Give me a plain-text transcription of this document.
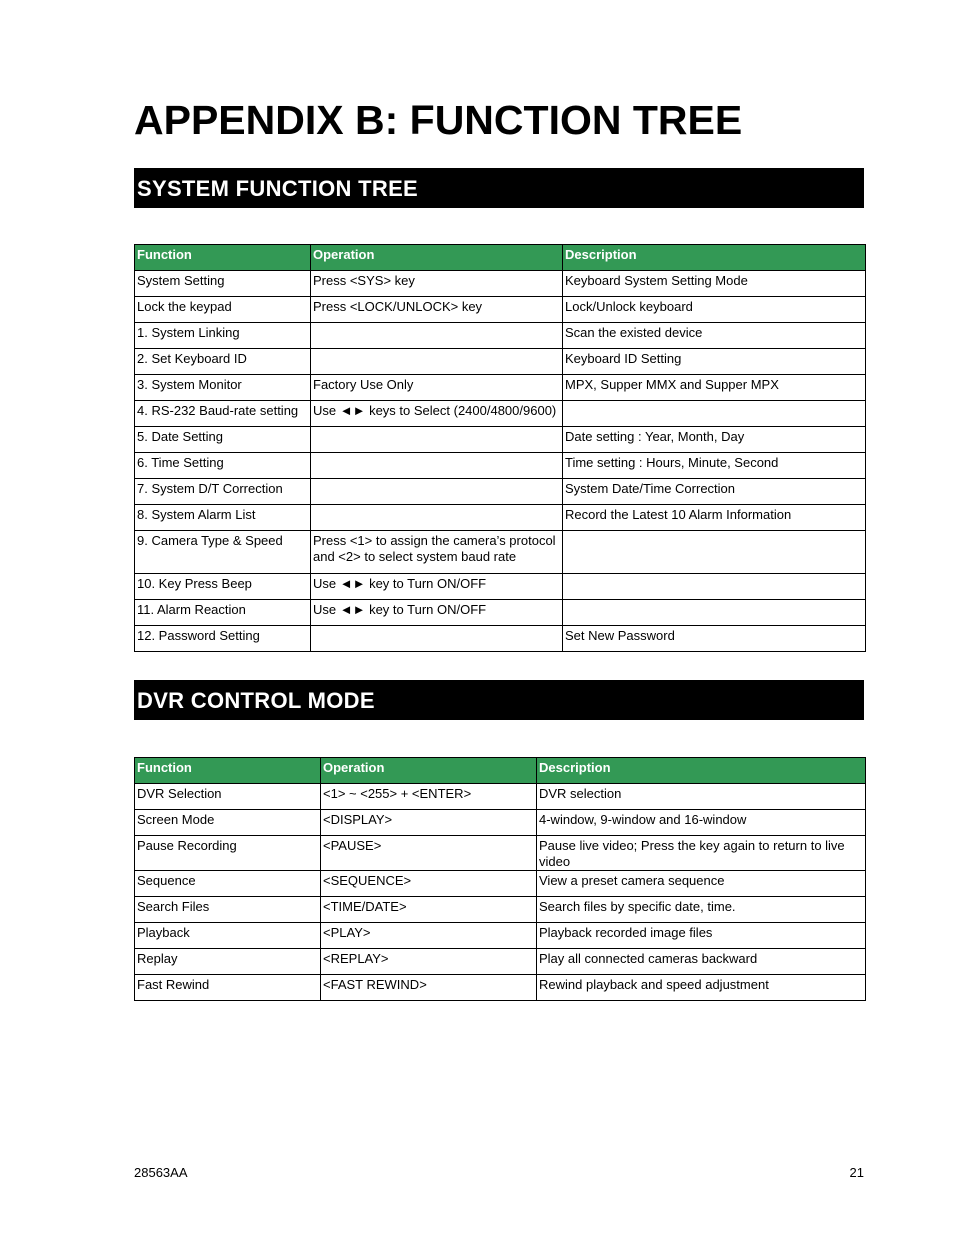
APPENDIX B: FUNCTION TREE
SYSTEM FUNCTION TREE
Function	Operation	Description
System Setting	Press <SYS> key	Keyboard System Setting Mode
Lock the keypad	Press <LOCK/UNLOCK> key	Lock/Unlock keyboard
1. System Linking		Scan the existed device
2. Set Keyboard ID		Keyboard ID Setting
3. System Monitor	Factory Use Only	MPX, Supper MMX and Supper MPX
4. RS-232 Baud-rate setting	Use ◄► keys to Select (2400/4800/9600)	
5. Date Setting		Date setting : Year, Month, Day
6. Time Setting		Time setting : Hours, Minute, Second
7. System D/T Correction		System Date/Time Correction
8. System Alarm List		Record the Latest 10 Alarm Information
9. Camera Type & Speed	Press <1> to assign the camera’s protocol and <2> to select system baud rate	
10. Key Press Beep	Use ◄► key to Turn ON/OFF	
11. Alarm Reaction	Use ◄► key to Turn ON/OFF	
12. Password Setting		Set New Password
DVR CONTROL MODE
Function	Operation	Description
DVR Selection	<1> ~ <255> + <ENTER>	DVR selection
Screen Mode	<DISPLAY>	4-window, 9-window and 16-window
Pause Recording	<PAUSE>	Pause live video; Press the key again to return to live video
Sequence	<SEQUENCE>	View a preset camera sequence
Search Files	<TIME/DATE>	Search files by specific date, time.
Playback	<PLAY>	Playback recorded image files
Replay	<REPLAY>	Play all connected cameras backward
Fast Rewind	<FAST REWIND>	Rewind playback and speed adjustment
28563AA	21
